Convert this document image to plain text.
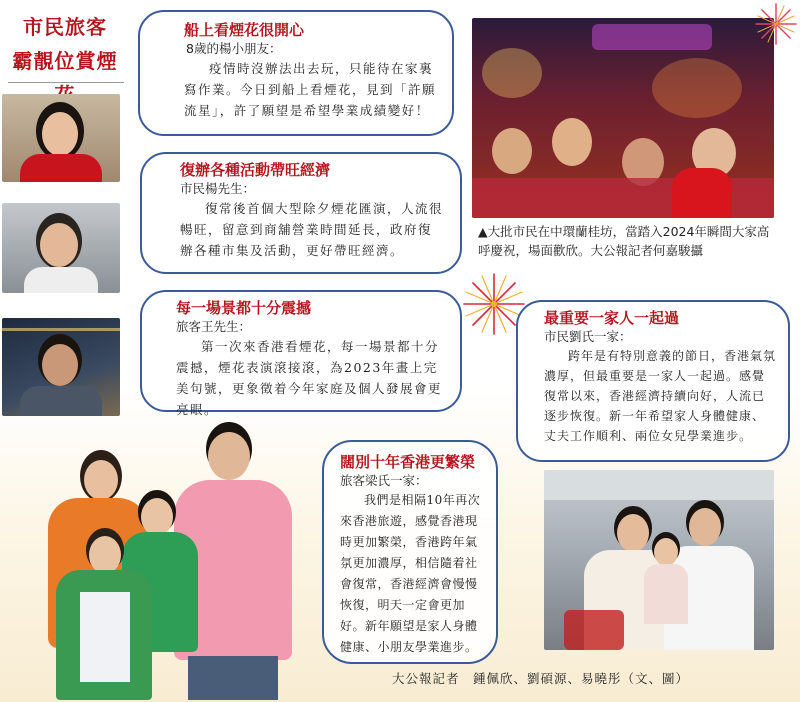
市民旅客
霸靚位賞煙
船上看煙花很開心
8歲的楊小朋友：

疫情時沒辦法出去玩，只能待在家裏寫作業。今日到船上看煙花，見到「許願流星」，許了願望是希望學業成績變好！

復辦各種活動帶旺經濟
市民楊先生：

復常後首個大型除夕煙花匯演，人流很暢旺，留意到商舖營業時間延長，政府復辦各種市集及活動，更好帶旺經濟。

每一場景都十分震撼
旅客王先生：

第一次來香港看煙花，每一場景都十分震撼，煙花表演滾接滾，為2023年畫上完美句號，更象徵着今年家庭及個人發展會更亮眼。

▲大批市民在中環蘭桂坊，當踏入2024年瞬間大家高呼慶祝，場面歡欣。大公報記者何嘉駿攝
最重要一家人一起過
市民劉氏一家：

跨年是有特別意義的節日，香港氣氛濃厚，但最重要是一家人一起過。感覺復常以來，香港經濟持續向好，人流已逐步恢復。新一年希望家人身體健康、丈夫工作順利、兩位女兒學業進步。

闊別十年香港更繁榮
旅客梁氏一家：

我們是相隔10年再次來香港旅遊，感覺香港現時更加繁榮，香港跨年氣氛更加濃厚，相信隨着社會復常，香港經濟會慢慢恢復，明天一定會更加好。新年願望是家人身體健康、小朋友學業進步。

大公報記者　鍾佩欣、劉碩源、易曉彤（文、圖）
